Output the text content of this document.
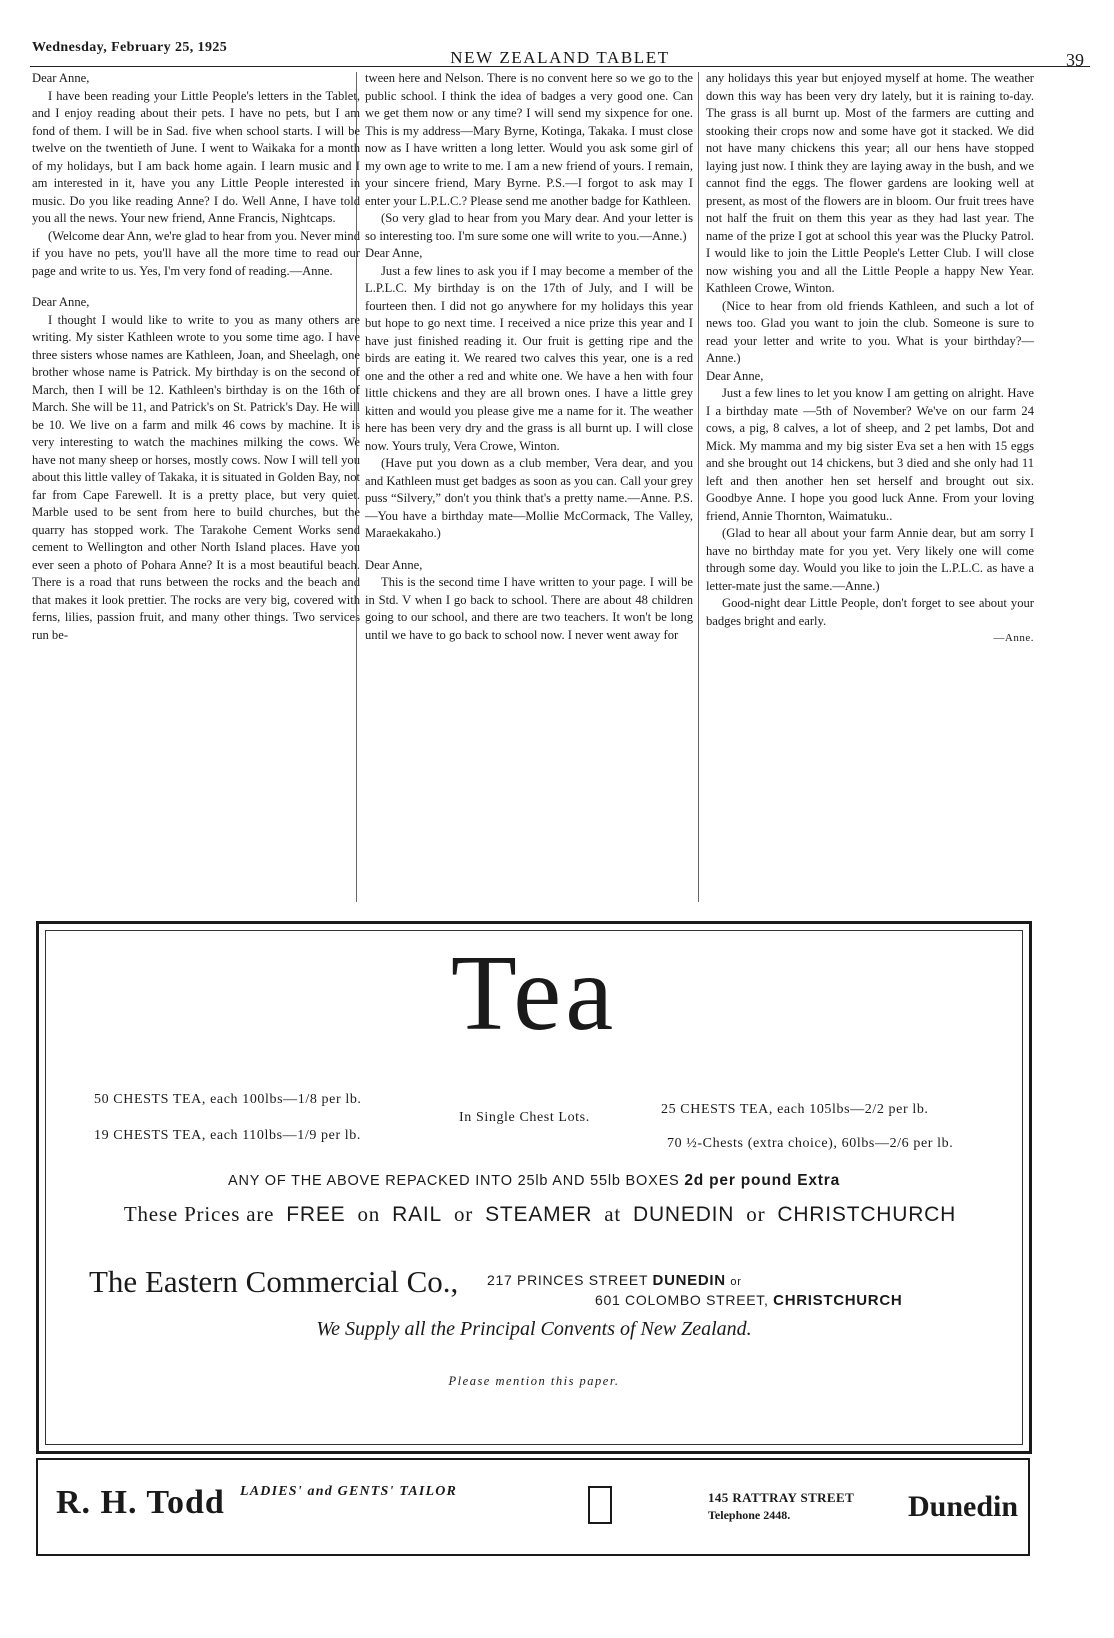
Wednesday, February 25, 1925
NEW ZEALAND TABLET	39

Dear Anne,

I have been reading your Little People's letters in the Tablet, and I enjoy reading about their pets. I have no pets, but I am fond of them. I will be in Sad. five when school starts. I will be twelve on the twentieth of June. I went to Waikaka for a month of my holidays, but I am back home again. I learn music and I am interested in it, have you any Little People interested in music. Do you like reading Anne? I do. Well Anne, I have told you all the news. Your new friend, Anne Francis, Nightcaps.

(Welcome dear Ann, we're glad to hear from you. Never mind if you have no pets, you'll have all the more time to read our page and write to us. Yes, I'm very fond of reading.—Anne.

Dear Anne,

I thought I would like to write to you as many others are writing. My sister Kathleen wrote to you some time ago. I have three sisters whose names are Kathleen, Joan, and Sheelagh, one brother whose name is Patrick. My birthday is on the second of March, then I will be 12. Kathleen's birthday is on the 16th of March. She will be 11, and Patrick's on St. Patrick's Day. He will be 10. We live on a farm and milk 46 cows by machine. It is very interesting to watch the machines milking the cows. We have not many sheep or horses, mostly cows. Now I will tell you about this little valley of Takaka, it is situated in Golden Bay, not far from Cape Farewell. It is a pretty place, but very quiet. Marble used to be sent from here to build churches, but the quarry has stopped work. The Tarakohe Cement Works send cement to Wellington and other North Island places. Have you ever seen a photo of Pohara Anne? It is a most beautiful beach. There is a road that runs between the rocks and the beach and that makes it look prettier. The rocks are very big, covered with ferns, lilies, passion fruit, and many other things. Two services run be-

tween here and Nelson. There is no convent here so we go to the public school. I think the idea of badges a very good one. Can we get them now or any time? I will send my sixpence for one. This is my address—Mary Byrne, Kotinga, Takaka. I must close now as I have written a long letter. Would you ask some girl of my own age to write to me. I am a new friend of yours. I remain, your sincere friend, Mary Byrne. P.S.—I forgot to ask may I enter your L.P.L.C.? Please send me another badge for Kathleen.

(So very glad to hear from you Mary dear. And your letter is so interesting too. I'm sure some one will write to you.—Anne.)

Dear Anne,

Just a few lines to ask you if I may become a member of the L.P.L.C. My birthday is on the 17th of July, and I will be fourteen then. I did not go anywhere for my holidays this year but hope to go next time. I received a nice prize this year and I have just finished reading it. Our fruit is getting ripe and the birds are eating it. We reared two calves this year, one is a red one and the other a red and white one. We have a hen with four little chickens and they are all brown ones. I have a little grey kitten and would you please give me a name for it. The weather here has been very dry and the grass is all burnt up. I will close now. Yours truly, Vera Crowe, Winton.

(Have put you down as a club member, Vera dear, and you and Kathleen must get badges as soon as you can. Call your grey puss “Silvery,” don't you think that's a pretty name.—Anne. P.S.—You have a birthday mate—Mollie McCormack, The Valley, Maraekakaho.)

Dear Anne,

This is the second time I have written to your page. I will be in Std. V when I go back to school. There are about 48 children going to our school, and there are two teachers. It won't be long until we have to go back to school now. I never went away for

any holidays this year but enjoyed myself at home. The weather down this way has been very dry lately, but it is raining to-day. The grass is all burnt up. Most of the farmers are cutting and stooking their crops now and some have got it stacked. We did not have many chickens this year; all our hens have stopped laying just now. I think they are laying away in the bush, and we cannot find the eggs. The flower gardens are looking well at present, as most of the flowers are in bloom. Our fruit trees have not half the fruit on them this year as they had last year. The name of the prize I got at school this year was the Plucky Patrol. I would like to join the Little People's Letter Club. I will close now wishing you and all the Little People a happy New Year. Kathleen Crowe, Winton.

(Nice to hear from old friends Kathleen, and such a lot of news too. Glad you want to join the club. Someone is sure to read your letter and write to you. What is your birthday?—Anne.)

Dear Anne,

Just a few lines to let you know I am getting on alright. Have I a birthday mate —5th of November? We've on our farm 24 cows, a pig, 8 calves, a lot of sheep, and 2 pet lambs, Dot and Mick. My mamma and my big sister Eva set a hen with 15 eggs and she brought out 14 chickens, but 3 died and she only had 11 left and then another hen set herself and brought out six. Goodbye Anne. I hope you good luck Anne. From your loving friend, Annie Thornton, Waimatuku..

(Glad to hear all about your farm Annie dear, but am sorry I have no birthday mate for you yet. Very likely one will come through some day. Would you like to join the L.P.L.C. as have a letter-mate just the same.—Anne.)

Good-night dear Little People, don't forget to see about your badges bright and early.

—Anne.

Tea
50 CHESTS TEA, each 100lbs—1/8 per lb.
19 CHESTS TEA, each 110lbs—1/9 per lb.
25 CHESTS TEA, each 105lbs—2/2 per lb.
70 ½-Chests (extra choice), 60lbs—2/6 per lb.
In Single Chest Lots.
ANY OF THE ABOVE REPACKED INTO 25lb AND 55lb BOXES 2d per pound Extra
These Prices are FREE on RAIL or STEAMER at DUNEDIN or CHRISTCHURCH
The Eastern Commercial Co., 217 PRINCES STREET DUNEDIN or
601 COLOMBO STREET, CHRISTCHURCH
We Supply all the Principal Convents of New Zealand.
Please mention this paper.
R. H. Todd LADIES' and GENTS' TAILOR	145 RATTRAY STREET
Telephone 2448.	Dunedin
